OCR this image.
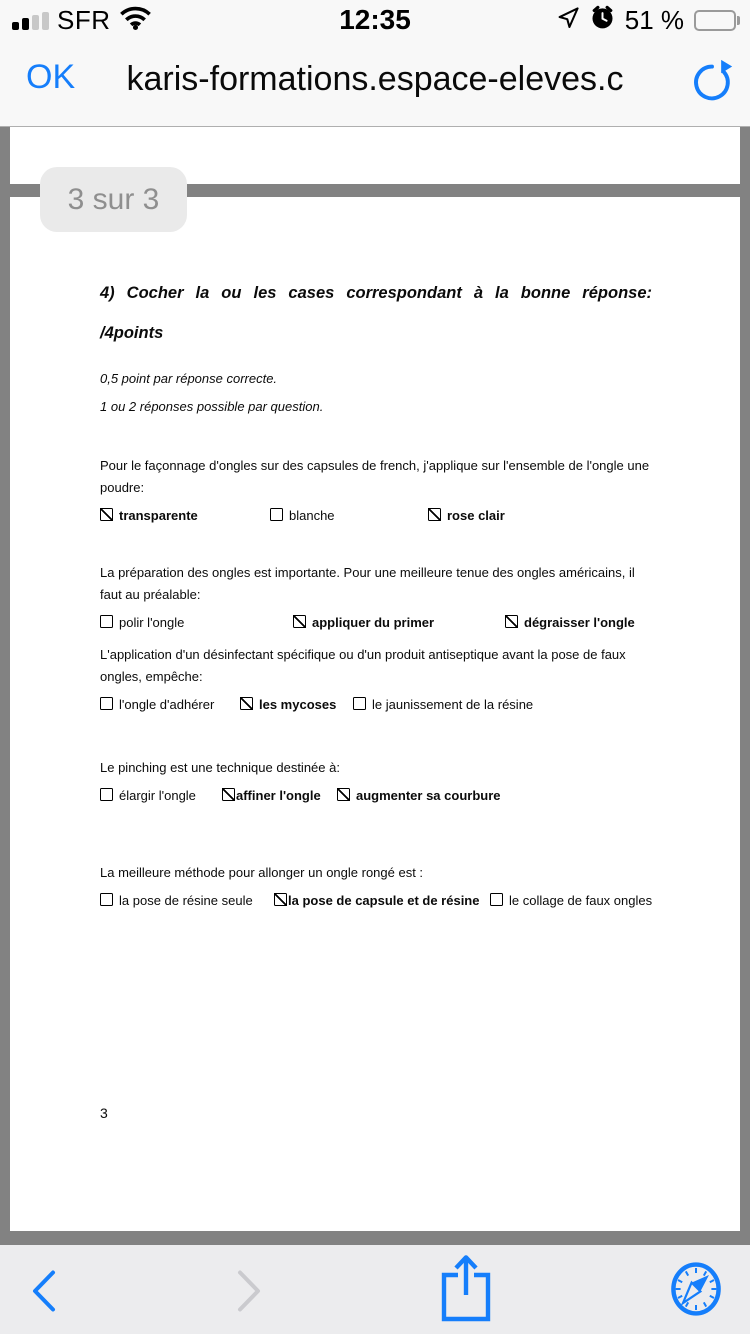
SFR	12:35	51 %
karis-formations.espace-eleves.c
3 sur 3
4) Cocher la ou les cases correspondant à la bonne réponse:
/4points
0,5 point par réponse correcte.
1 ou 2 réponses possible par question.
Pour le façonnage d'ongles sur des capsules de french, j'applique sur l'ensemble de l'ongle une poudre:
transparente	blanche	rose clair
La préparation des ongles est importante. Pour une meilleure tenue des ongles américains, il faut au préalable:
polir l'ongle	appliquer du primer	dégraisser l'ongle
L'application d'un désinfectant spécifique ou d'un produit antiseptique avant la pose de faux ongles, empêche:
l'ongle d'adhérer	les mycoses	le jaunissement de la résine
Le pinching est une technique destinée à:
élargir l'ongle	affiner l'ongle	augmenter sa courbure
La meilleure méthode pour allonger un ongle rongé est :
la pose de résine seule	la pose de capsule et de résine	le collage de faux ongles
3
